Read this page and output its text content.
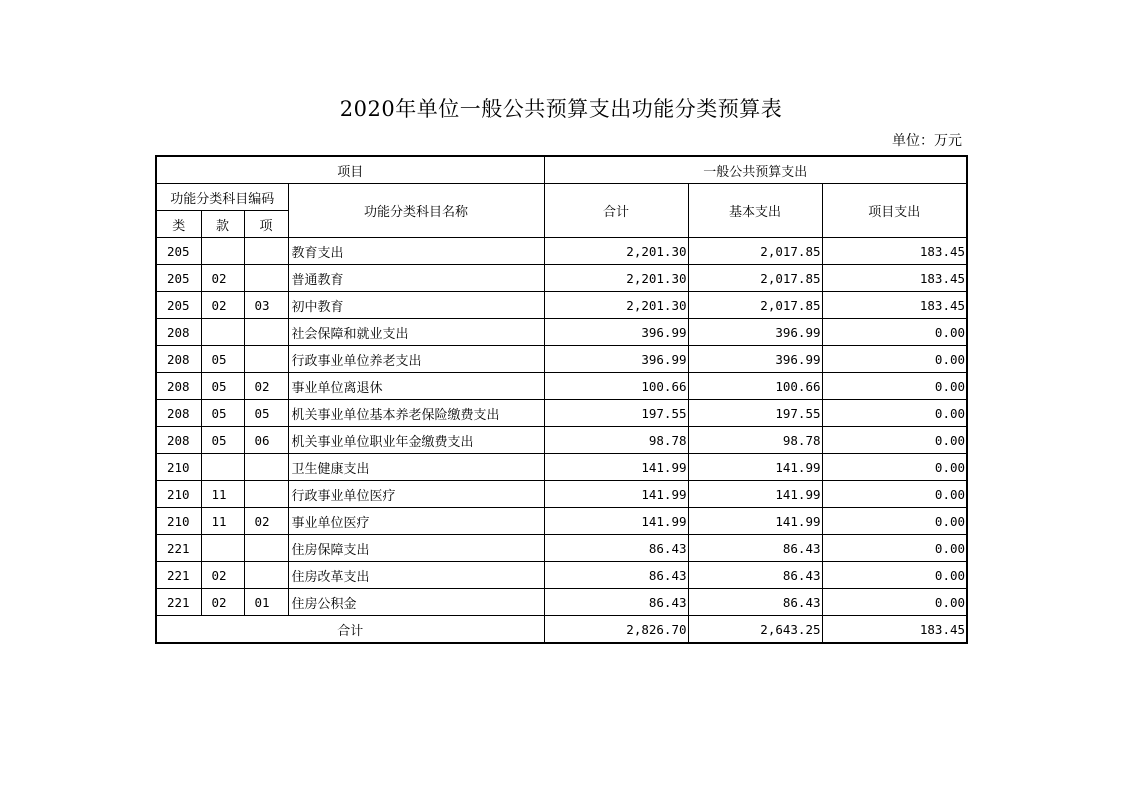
2020年单位一般公共预算支出功能分类预算表
单位：万元
项目				一般公共预算支出		
功能分类科目编码			功能分类科目名称	合计	基本支出	项目支出
类	款	项				
205			教育支出	2,201.30	2,017.85	183.45
205	02		普通教育	2,201.30	2,017.85	183.45
205	02	03	初中教育	2,201.30	2,017.85	183.45
208			社会保障和就业支出	396.99	396.99	0.00
208	05		行政事业单位养老支出	396.99	396.99	0.00
208	05	02	事业单位离退休	100.66	100.66	0.00
208	05	05	机关事业单位基本养老保险缴费支出	197.55	197.55	0.00
208	05	06	机关事业单位职业年金缴费支出	98.78	98.78	0.00
210			卫生健康支出	141.99	141.99	0.00
210	11		行政事业单位医疗	141.99	141.99	0.00
210	11	02	事业单位医疗	141.99	141.99	0.00
221			住房保障支出	86.43	86.43	0.00
221	02		住房改革支出	86.43	86.43	0.00
221	02	01	住房公积金	86.43	86.43	0.00
合计				2,826.70	2,643.25	183.45
